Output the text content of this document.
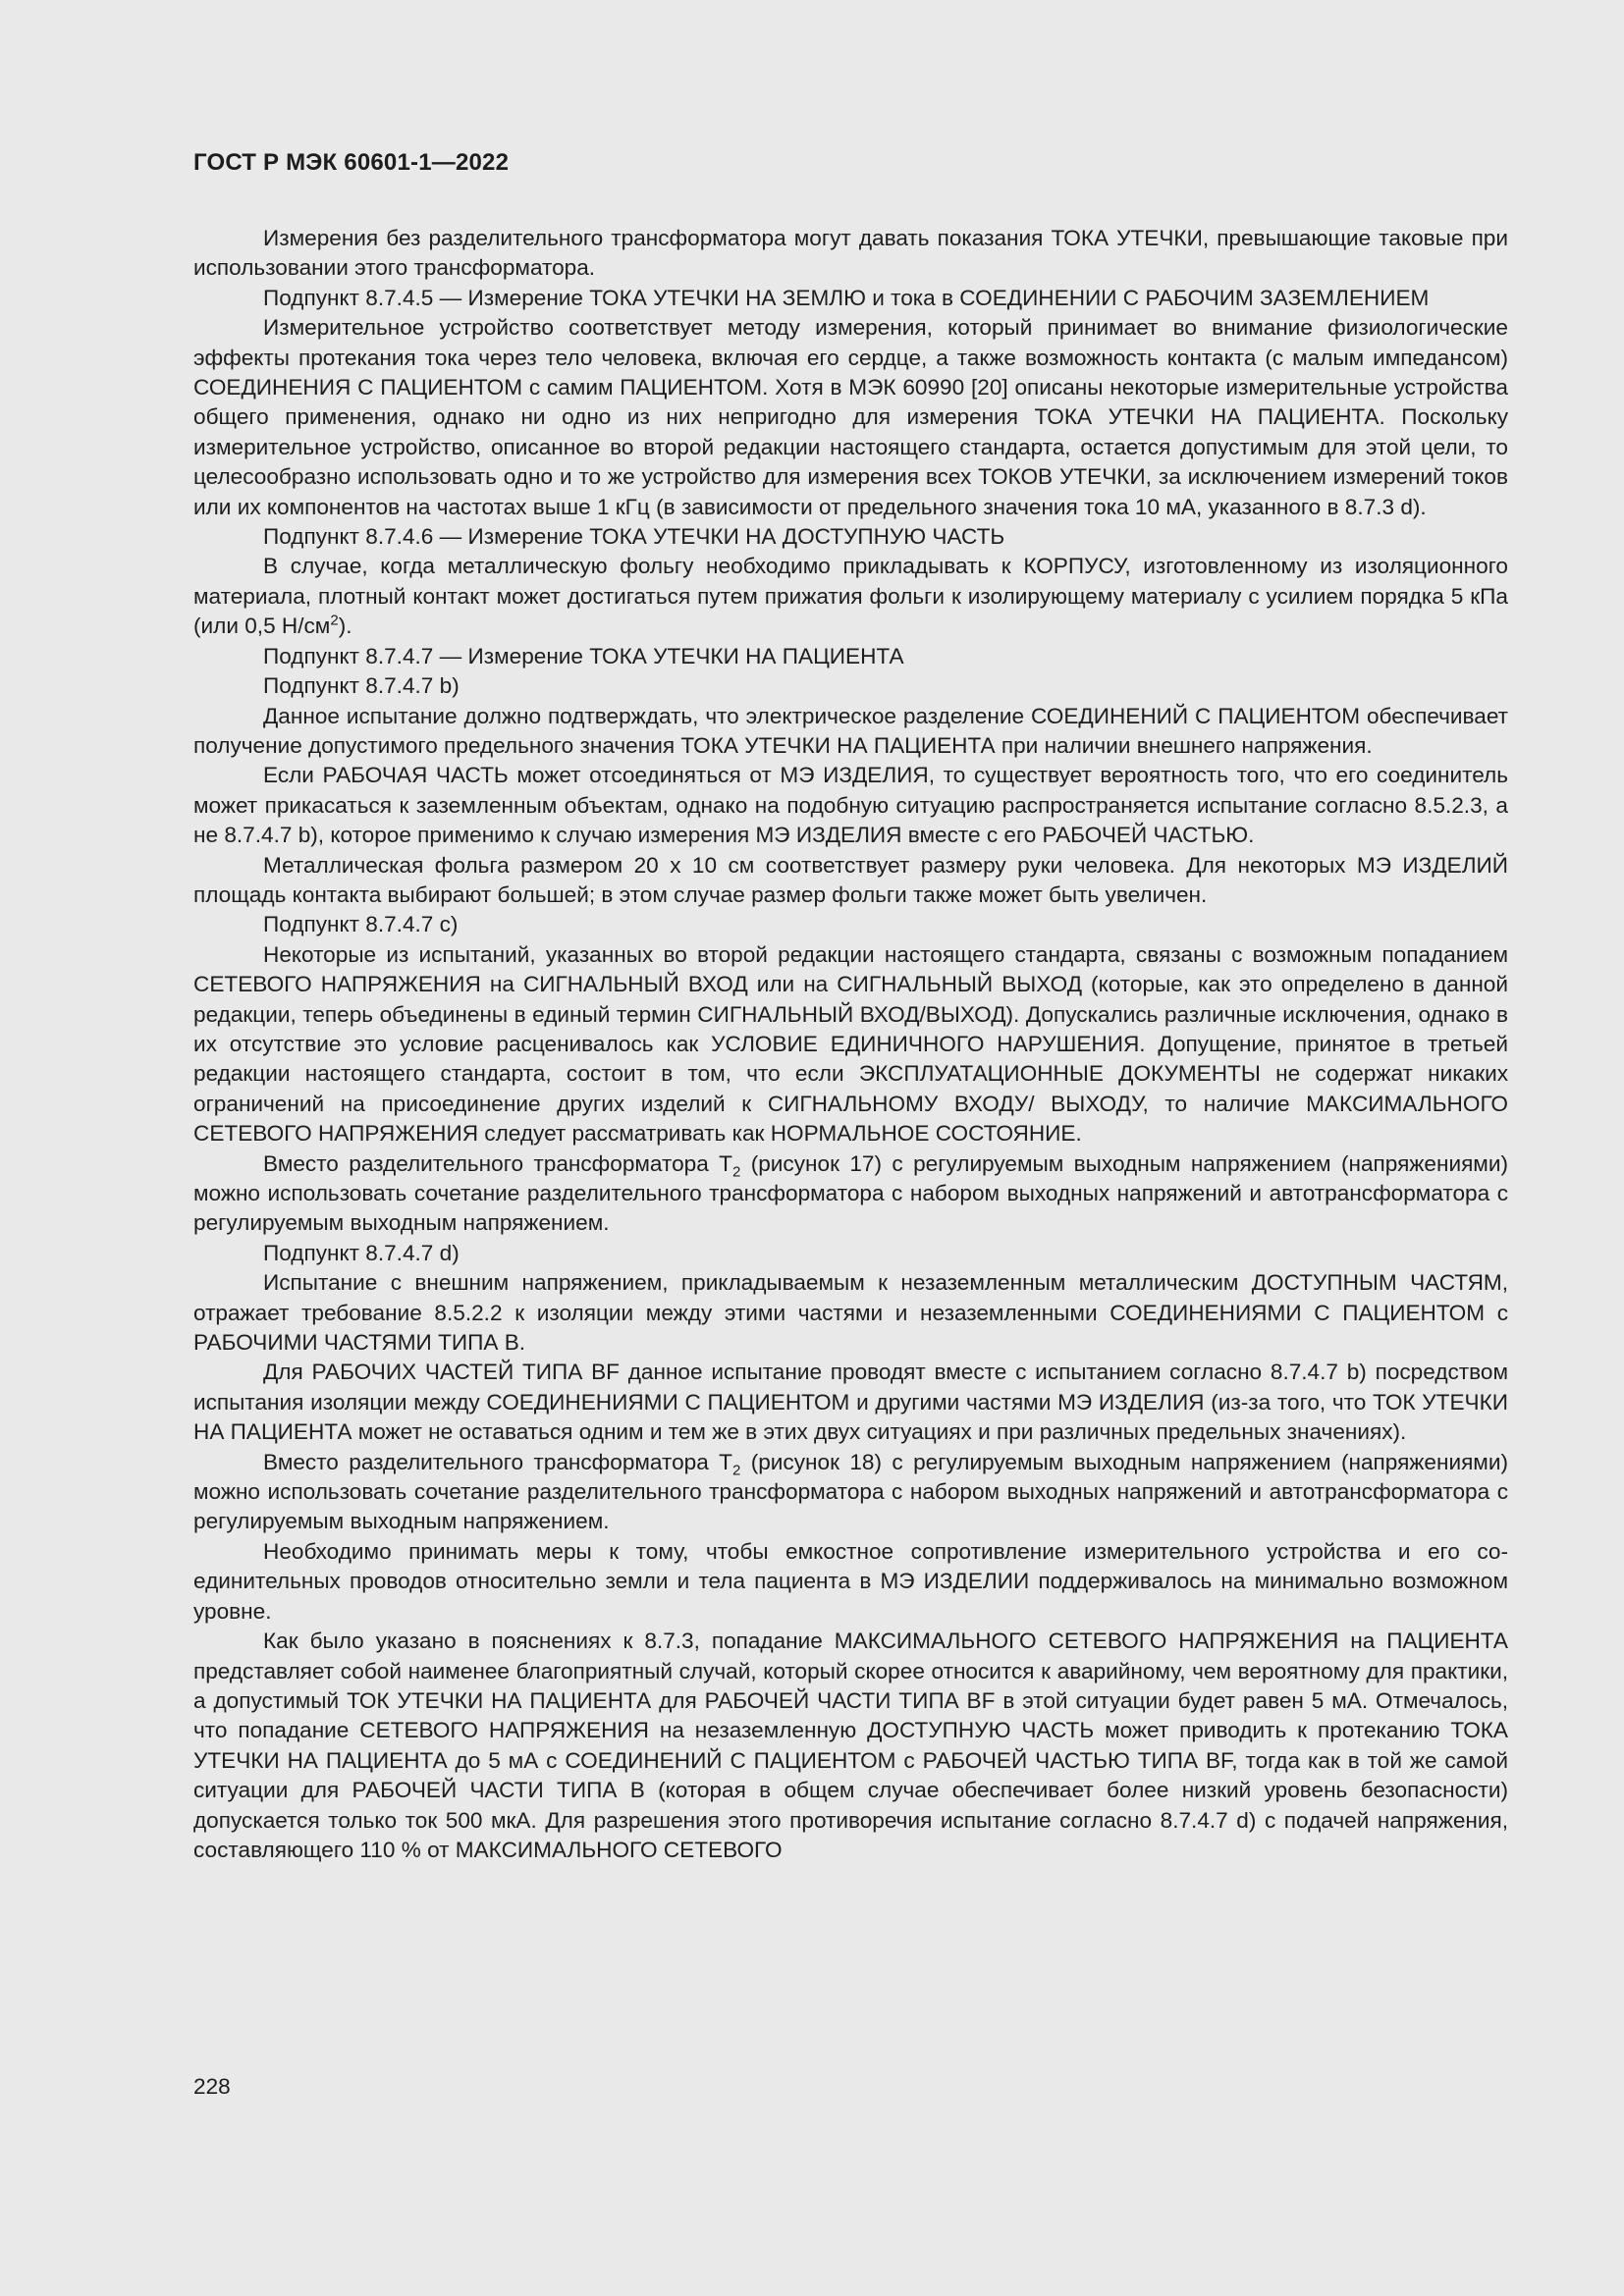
ГОСТ Р МЭК 60601-1—2022

Измерения без разделительного трансформатора могут давать показания ТОКА УТЕЧКИ, превышающие таковые при использовании этого трансформатора.

Подпункт 8.7.4.5 — Измерение ТОКА УТЕЧКИ НА ЗЕМЛЮ и тока в СОЕДИНЕНИИ С РАБОЧИМ ЗАЗЕМЛЕНИЕМ

Измерительное устройство соответствует методу измерения, который принимает во внимание физиологические эффекты протекания тока через тело человека, включая его сердце, а также возможность контакта (с малым импедансом) СОЕДИНЕНИЯ С ПАЦИЕНТОМ с самим ПАЦИЕНТОМ. Хотя в МЭК 60990 [20] описаны некоторые измерительные устройства общего применения, однако ни одно из них непригодно для измерения ТОКА УТЕЧКИ НА ПАЦИЕНТА. Поскольку измерительное устройство, описанное во второй редакции настоящего стандарта, остается допустимым для этой цели, то целесообразно использовать одно и то же устройство для измерения всех ТОКОВ УТЕЧКИ, за исключением измерений токов или их компонентов на частотах выше 1 кГц (в зависимости от предельного значения тока 10 мА, указанного в 8.7.3 d).

Подпункт 8.7.4.6 — Измерение ТОКА УТЕЧКИ НА ДОСТУПНУЮ ЧАСТЬ

В случае, когда металлическую фольгу необходимо прикладывать к КОРПУСУ, изготовленному из изоляционного материала, плотный контакт может достигаться путем прижатия фольги к изолирующему материалу с усилием порядка 5 кПа (или 0,5 $Н/см^2$).

Подпункт 8.7.4.7 — Измерение ТОКА УТЕЧКИ НА ПАЦИЕНТА

Подпункт 8.7.4.7 b)

Данное испытание должно подтверждать, что электрическое разделение СОЕДИНЕНИЙ С ПАЦИЕНТОМ обеспечивает получение допустимого предельного значения ТОКА УТЕЧКИ НА ПАЦИЕНТА при наличии внешнего напряжения.

Если РАБОЧАЯ ЧАСТЬ может отсоединяться от МЭ ИЗДЕЛИЯ, то существует вероятность того, что его соединитель может прикасаться к заземленным объектам, однако на подобную ситуацию распространяется испытание согласно 8.5.2.3, а не 8.7.4.7 b), которое применимо к случаю измерения МЭ ИЗДЕЛИЯ вместе с его РАБОЧЕЙ ЧАСТЬЮ.

Металлическая фольга размером 20 х 10 см соответствует размеру руки человека. Для некоторых МЭ ИЗДЕЛИЙ площадь контакта выбирают большей; в этом случае размер фольги также может быть увеличен.

Подпункт 8.7.4.7 с)

Некоторые из испытаний, указанных во второй редакции настоящего стандарта, связаны с возможным попаданием СЕТЕВОГО НАПРЯЖЕНИЯ на СИГНАЛЬНЫЙ ВХОД или на СИГНАЛЬНЫЙ ВЫХОД (которые, как это определено в данной редакции, теперь объединены в единый термин СИГНАЛЬНЫЙ ВХОД/ВЫХОД). Допускались различные исключения, однако в их отсутствие это условие расценивалось как УСЛОВИЕ ЕДИНИЧНОГО НАРУШЕНИЯ. Допущение, принятое в третьей редакции настоящего стандарта, состоит в том, что если ЭКСПЛУАТАЦИОННЫЕ ДОКУМЕНТЫ не содержат никаких ограничений на присоединение других изделий к СИГНАЛЬНОМУ ВХОДУ/ ВЫХОДУ, то наличие МАКСИМАЛЬНОГО СЕТЕВОГО НАПРЯЖЕНИЯ следует рассматривать как НОРМАЛЬНОЕ СОСТОЯНИЕ.

Вместо разделительного трансформатора $Т_2$ (рисунок 17) с регулируемым выходным напряжением (напряжениями) можно использовать сочетание разделительного трансформатора с набором выходных напряжений и автотрансформатора с регулируемым выходным напряжением.

Подпункт 8.7.4.7 d)

Испытание с внешним напряжением, прикладываемым к незаземленным металлическим ДОСТУПНЫМ ЧАСТЯМ, отражает требование 8.5.2.2 к изоляции между этими частями и незаземленными СОЕДИНЕНИЯМИ С ПАЦИЕНТОМ с РАБОЧИМИ ЧАСТЯМИ ТИПА В.

Для РАБОЧИХ ЧАСТЕЙ ТИПА BF данное испытание проводят вместе с испытанием согласно 8.7.4.7 b) посредством испытания изоляции между СОЕДИНЕНИЯМИ С ПАЦИЕНТОМ и другими частями МЭ ИЗДЕЛИЯ (из-за того, что ТОК УТЕЧКИ НА ПАЦИЕНТА может не оставаться одним и тем же в этих двух ситуациях и при различных предельных значениях).

Вместо разделительного трансформатора $Т_2$ (рисунок 18) с регулируемым выходным напряжением (напряжениями) можно использовать сочетание разделительного трансформатора с набором выходных напряжений и автотрансформатора с регулируемым выходным напряжением.

Необходимо принимать меры к тому, чтобы емкостное сопротивление измерительного устройства и его соединительных проводов относительно земли и тела пациента в МЭ ИЗДЕЛИИ поддерживалось на минимально возможном уровне.

Как было указано в пояснениях к 8.7.3, попадание МАКСИМАЛЬНОГО СЕТЕВОГО НАПРЯЖЕНИЯ на ПАЦИЕНТА представляет собой наименее благоприятный случай, который скорее относится к аварийному, чем вероятному для практики, а допустимый ТОК УТЕЧКИ НА ПАЦИЕНТА для РАБОЧЕЙ ЧАСТИ ТИПА BF в этой ситуации будет равен 5 мА. Отмечалось, что попадание СЕТЕВОГО НАПРЯЖЕНИЯ на незаземленную ДОСТУПНУЮ ЧАСТЬ может приводить к протеканию ТОКА УТЕЧКИ НА ПАЦИЕНТА до 5 мА с СОЕДИНЕНИЙ С ПАЦИЕНТОМ с РАБОЧЕЙ ЧАСТЬЮ ТИПА BF, тогда как в той же самой ситуации для РАБОЧЕЙ ЧАСТИ ТИПА В (которая в общем случае обеспечивает более низкий уровень безопасности) допускается только ток 500 мкА. Для разрешения этого противоречия испытание согласно 8.7.4.7 d) с подачей напряжения, составляющего 110 % от МАКСИМАЛЬНОГО СЕТЕВОГО

228
